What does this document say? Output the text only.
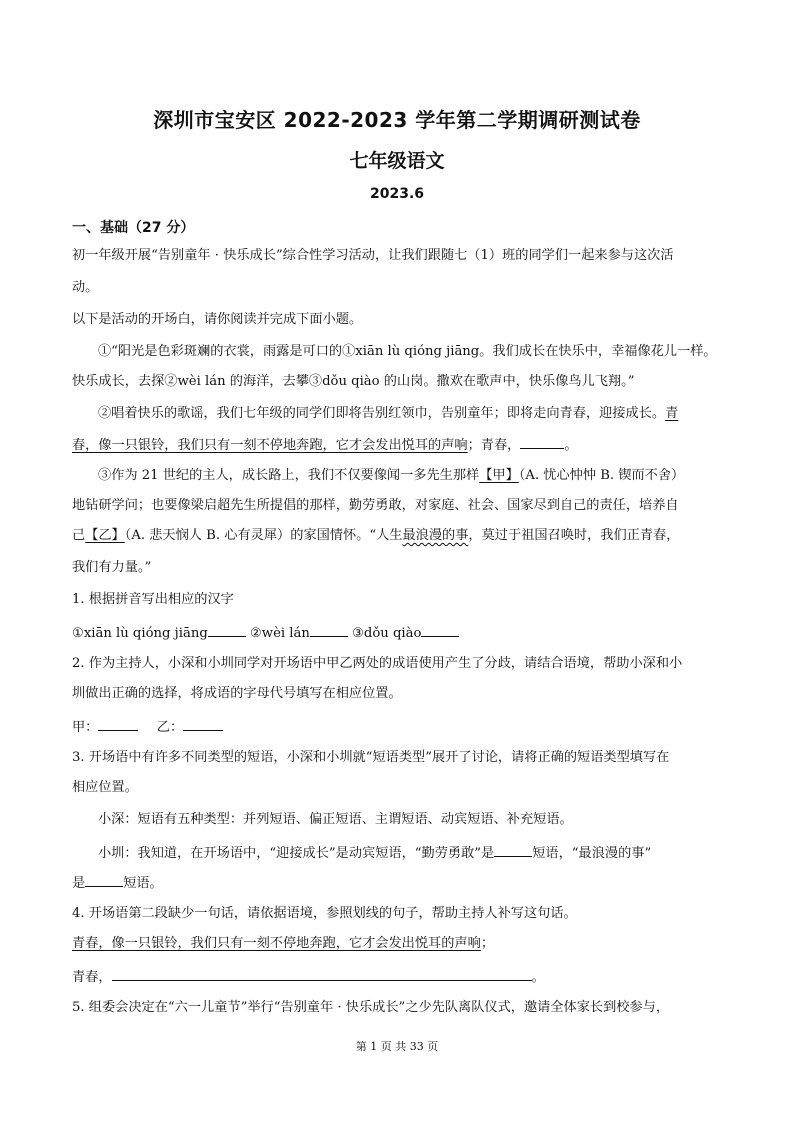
深圳市宝安区 2022-2023 学年第二学期调研测试卷
七年级语文
2023.6
一、基础（27 分）
初一年级开展“告别童年 · 快乐成长”综合性学习活动，让我们跟随七（1）班的同学们一起来参与这次活
动。
以下是活动的开场白，请你阅读并完成下面小题。
①“阳光是色彩斑斓的衣裳，雨露是可口的①xiān lù qióng jiāng。我们成长在快乐中，幸福像花儿一样。
快乐成长，去探②wèi lán 的海洋，去攀③dǒu qiào 的山岗。撒欢在歌声中，快乐像鸟儿飞翔。”
②唱着快乐的歌谣，我们七年级的同学们即将告别红领巾，告别童年；即将走向青春，迎接成长。青
春，像一只银铃，我们只有一刻不停地奔跑，它才会发出悦耳的声响；青春，	。
③作为 21 世纪的主人，成长路上，我们不仅要像闻一多先生那样【甲】（A. 忧心忡忡 B. 锲而不舍）
地钻研学问；也要像梁启超先生所提倡的那样，勤劳勇敢，对家庭、社会、国家尽到自己的责任，培养自
己【乙】（A. 悲天悯人 B. 心有灵犀）的家国情怀。“人生最浪漫的事，莫过于祖国召唤时，我们正青春，
我们有力量。”
1. 根据拼音写出相应的汉字
①xiān lù qióng jiāng	②wèi lán	③dǒu qiào
2. 作为主持人，小深和小圳同学对开场语中甲乙两处的成语使用产生了分歧，请结合语境，帮助小深和小
圳做出正确的选择，将成语的字母代号填写在相应位置。
甲：	乙：
3. 开场语中有许多不同类型的短语，小深和小圳就“短语类型”展开了讨论，请将正确的短语类型填写在
相应位置。
小深：短语有五种类型：并列短语、偏正短语、主谓短语、动宾短语、补充短语。
小圳：我知道，在开场语中，“迎接成长”是动宾短语，“勤劳勇敢”是	短语，“最浪漫的事”
是	短语。
4. 开场语第二段缺少一句话，请依据语境，参照划线的句子，帮助主持人补写这句话。
青春，像一只银铃，我们只有一刻不停地奔跑，它才会发出悦耳的声响；
青春，	。
5. 组委会决定在“六一儿童节”举行“告别童年 · 快乐成长”之少先队离队仪式，邀请全体家长到校参与，
第 1 页 共 33 页
